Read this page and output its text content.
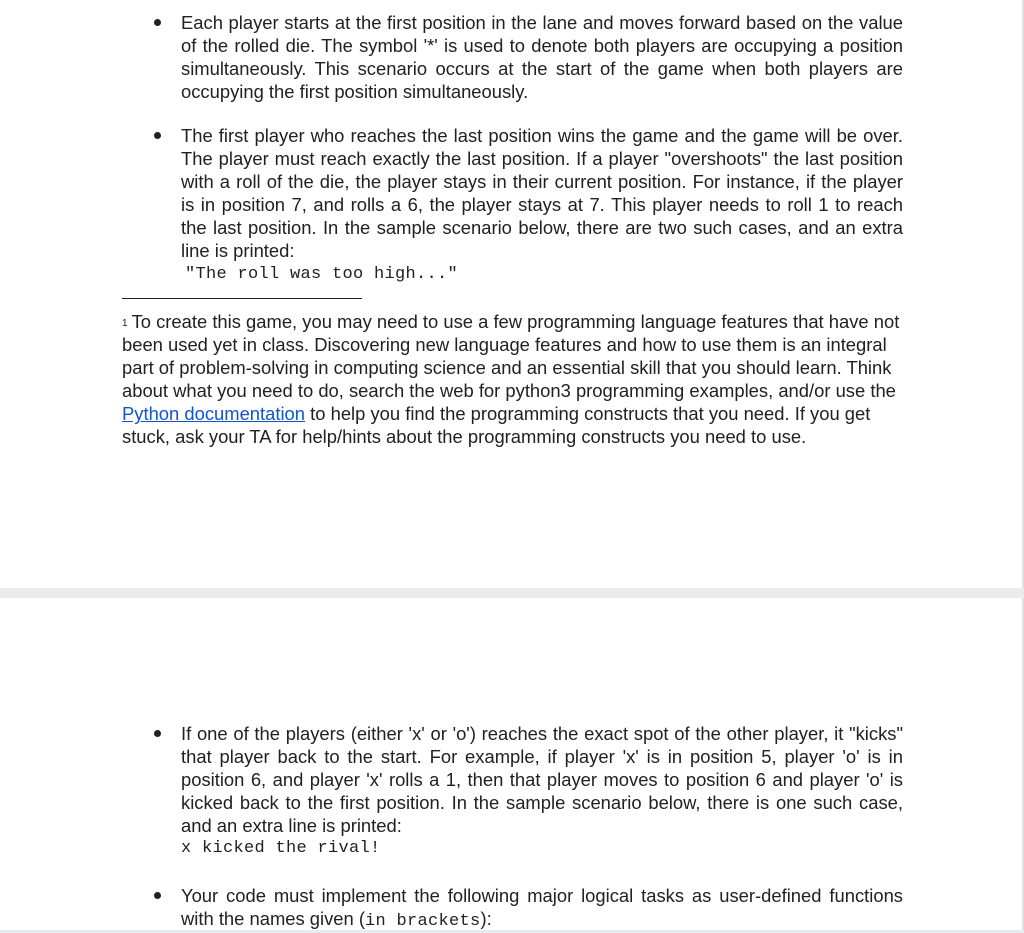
Each player starts at the first position in the lane and moves forward based on the value of the rolled die. The symbol '*' is used to denote both players are occupying a position simultaneously. This scenario occurs at the start of the game when both players are occupying the first position simultaneously.
The first player who reaches the last position wins the game and the game will be over. The player must reach exactly the last position. If a player "overshoots" the last position with a roll of the die, the player stays in their current position. For instance, if the player is in position 7, and rolls a 6, the player stays at 7. This player needs to roll 1 to reach the last position. In the sample scenario below, there are two such cases, and an extra line is printed:
"The roll was too high..."
$^1$ To create this game, you may need to use a few programming language features that have not been used yet in class. Discovering new language features and how to use them is an integral part of problem-solving in computing science and an essential skill that you should learn. Think about what you need to do, search the web for python3 programming examples, and/or use the Python documentation to help you find the programming constructs that you need. If you get stuck, ask your TA for help/hints about the programming constructs you need to use.
If one of the players (either 'x' or 'o') reaches the exact spot of the other player, it "kicks" that player back to the start. For example, if player 'x' is in position 5, player 'o' is in position 6, and player 'x' rolls a 1, then that player moves to position 6 and player 'o' is kicked back to the first position. In the sample scenario below, there is one such case, and an extra line is printed:
x kicked the rival!
Your code must implement the following major logical tasks as user-defined functions with the names given (in brackets):
